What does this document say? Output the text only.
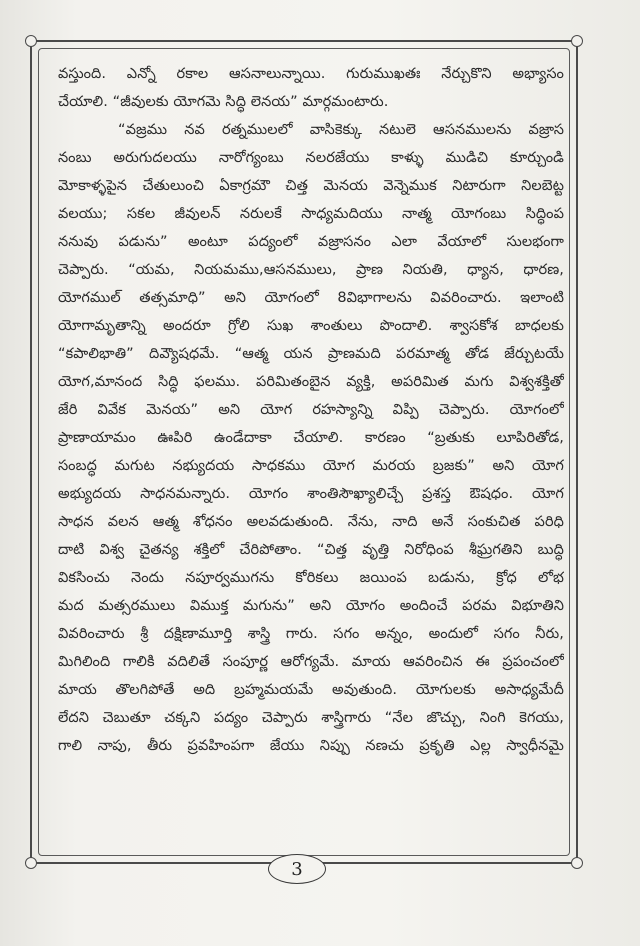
వస్తుంది. ఎన్నో రకాల ఆసనాలున్నాయి. గురుముఖతః నేర్చుకొని అభ్యాసం
చేయాలి. “జీవులకు యోగమె సిద్ధి లెనయ” మార్గమంటారు.
“వజ్రము నవ రత్నములలో వాసికెక్కు నటులె ఆసనములను వజ్రాస
నంబు అరుగుదలయు నారోగ్యంబు నలరజేయు కాళ్ళు ముడిచి కూర్చుండి
మోకాళ్ళపైన చేతులుంచి ఏకాగ్రమౌ చిత్త మెనయ వెన్నెముక నిటారుగా నిలబెట్ట
వలయు; సకల జీవులన్ నరులకే సాధ్యమదియు నాత్మ యోగంబు సిద్ధింప
ననువు పడును” అంటూ పద్యంలో వజ్రాసనం ఎలా వేయాలో సులభంగా
చెప్పారు. “యమ, నియమము,ఆసనములు, ప్రాణ నియతి, ధ్యాన, ధారణ,
యోగముల్ తత్సమాధి” అని యోగంలో 8విభాగాలను వివరించారు. ఇలాంటి
యోగామృతాన్ని అందరూ గ్రోలి సుఖ శాంతులు పొందాలి. శ్వాసకోశ బాధలకు
“కపాలిభాతి” దివ్యౌషధమే. “ఆత్మ యన ప్రాణమది పరమాత్మ తోడ జేర్చుటయే
యోగ,మానంద సిద్ధి ఫలము. పరిమితంబైన వ్యక్తి, అపరిమిత మగు విశ్వశక్తితో
జేరి వివేక మెనయ” అని యోగ రహస్యాన్ని విప్పి చెప్పారు. యోగంలో
ప్రాణాయామం ఊపిరి ఉండేదాకా చేయాలి. కారణం “బ్రతుకు లూపిరితోడ,
సంబద్ధ మగుట నభ్యుదయ సాధకము యోగ మరయ బ్రజకు” అని యోగ
అభ్యుదయ సాధనమన్నారు. యోగం శాంతిసౌఖ్యాలిచ్చే ప్రశస్త ఔషధం. యోగ
సాధన వలన ఆత్మ శోధనం అలవడుతుంది. నేను, నాది అనే సంకుచిత పరిధి
దాటి విశ్వ చైతన్య శక్తిలో చేరిపోతాం. “చిత్త వృత్తి నిరోధింప శీఘ్రగతిని బుద్ధి
వికసించు నెందు నపూర్వముగను కోరికలు జయింప బడును, క్రోధ లోభ
మద మత్సరములు విముక్త మగును” అని యోగం అందించే పరమ విభూతిని
వివరించారు శ్రీ దక్షిణామూర్తి శాస్త్రి గారు. సగం అన్నం, అందులో సగం నీరు,
మిగిలింది గాలికి వదిలితే సంపూర్ణ ఆరోగ్యమే. మాయ ఆవరించిన ఈ ప్రపంచంలో
మాయ తొలగిపోతే అది బ్రహ్మమయమే అవుతుంది. యోగులకు అసాధ్యమేదీ
లేదని చెబుతూ చక్కని పద్యం చెప్పారు శాస్త్రిగారు “నేల జొచ్చు, నింగి కెగయు,
గాలి నాపు, తీరు ప్రవహింపగా జేయు నిప్పు నణచు ప్రకృతి ఎల్ల స్వాధీనమై
3
